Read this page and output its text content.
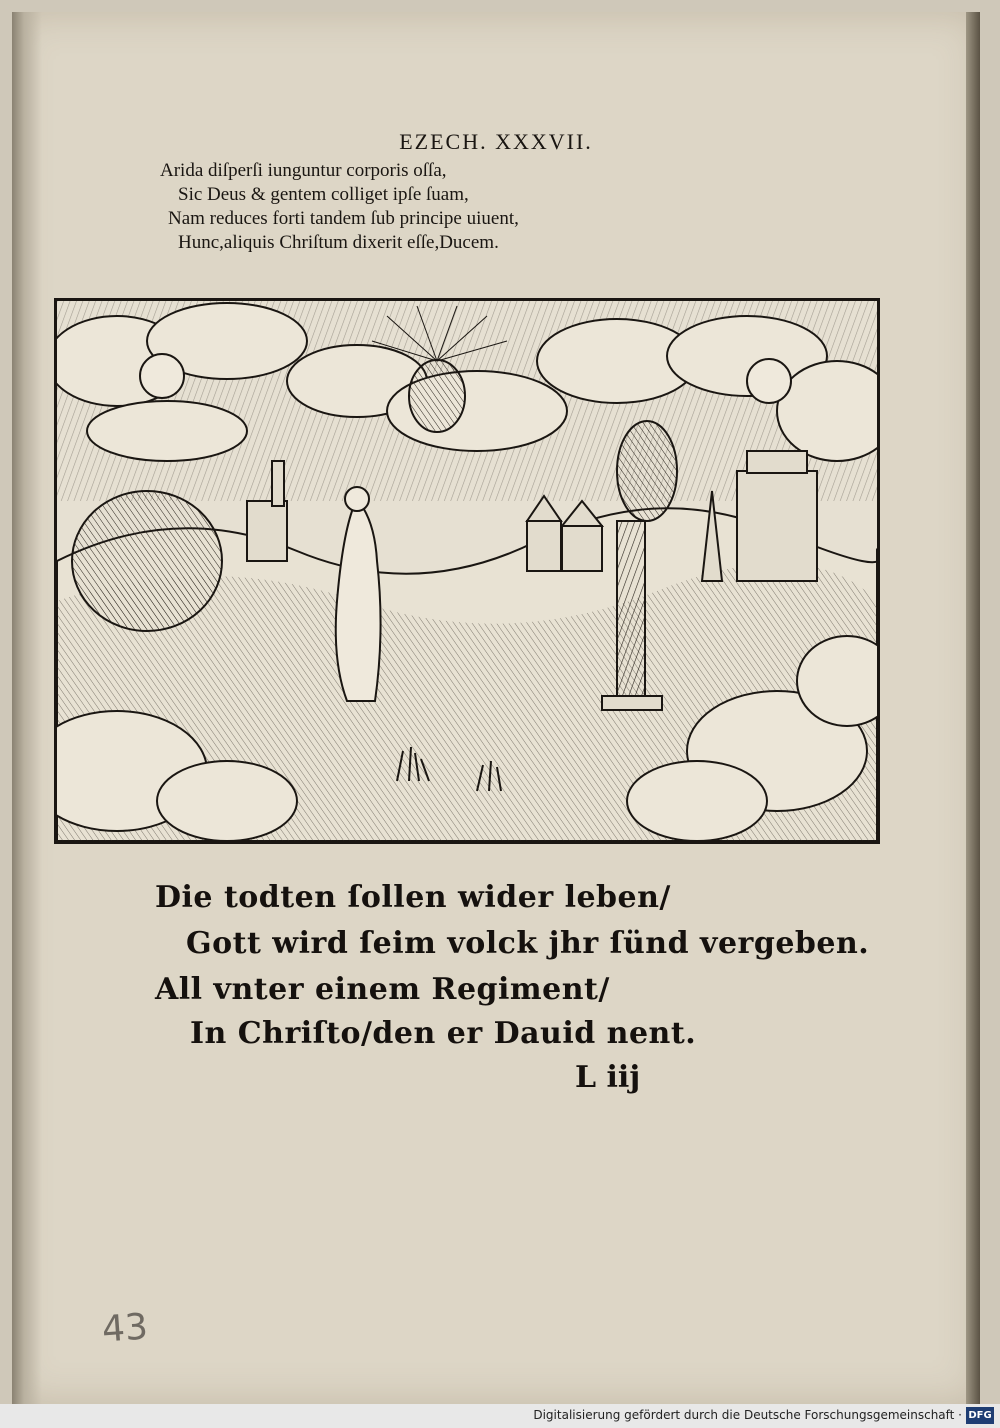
EZECH. XXXVII.
Arida diſperſi iunguntur corporis oſſa,
Sic Deus & gentem colliget ipſe ſuam,
Nam reduces forti tandem ſub principe uiuent,
Hunc,aliquis Chriſtum dixerit eſſe,Ducem.
Die todten ſollen wider leben/
Gott wird ſeim volck jhr ſünd vergeben.
All vnter einem Regiment/
In Chriſto/den er Dauid nent.
L iij
43
Digitalisierung gefördert durch die Deutsche Forschungsgemeinschaft · DFG
